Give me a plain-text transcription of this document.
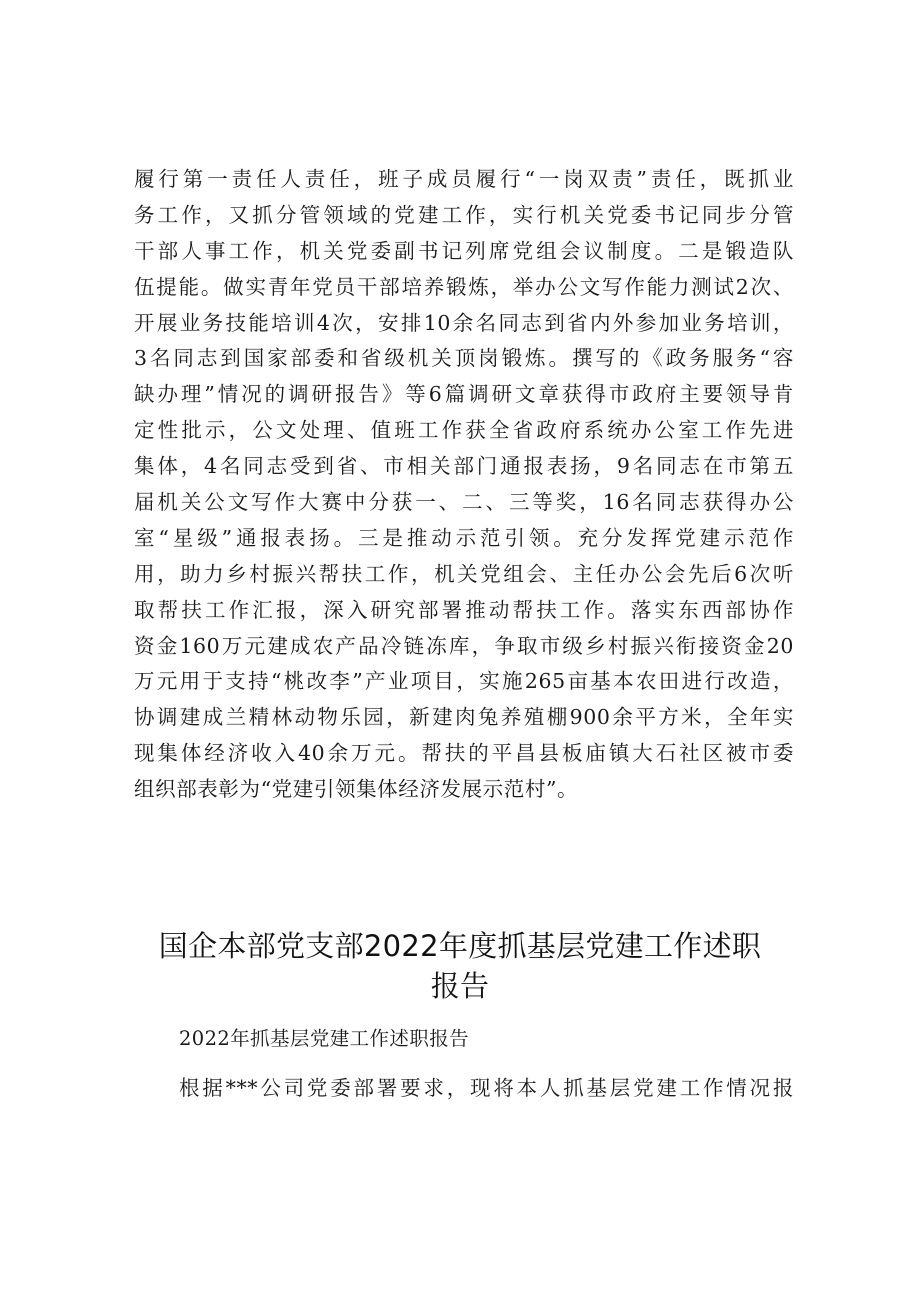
履行第一责任人责任，班子成员履行“一岗双责”责任，既抓业
务工作，又抓分管领域的党建工作，实行机关党委书记同步分管
干部人事工作，机关党委副书记列席党组会议制度。二是锻造队
伍提能。做实青年党员干部培养锻炼，举办公文写作能力测试2次、
开展业务技能培训4次，安排10余名同志到省内外参加业务培训，
3名同志到国家部委和省级机关顶岗锻炼。撰写的《政务服务“容
缺办理”情况的调研报告》等6篇调研文章获得市政府主要领导肯
定性批示，公文处理、值班工作获全省政府系统办公室工作先进
集体，4名同志受到省、市相关部门通报表扬，9名同志在市第五
届机关公文写作大赛中分获一、二、三等奖，16名同志获得办公
室“星级”通报表扬。三是推动示范引领。充分发挥党建示范作
用，助力乡村振兴帮扶工作，机关党组会、主任办公会先后6次听
取帮扶工作汇报，深入研究部署推动帮扶工作。落实东西部协作
资金160万元建成农产品冷链冻库，争取市级乡村振兴衔接资金20
万元用于支持“桃改李”产业项目，实施265亩基本农田进行改造，
协调建成兰精林动物乐园，新建肉兔养殖棚900余平方米，全年实
现集体经济收入40余万元。帮扶的平昌县板庙镇大石社区被市委
组织部表彰为“党建引领集体经济发展示范村”。
国企本部党支部2022年度抓基层党建工作述职
报告
2022年抓基层党建工作述职报告
根据***公司党委部署要求，现将本人抓基层党建工作情况报
